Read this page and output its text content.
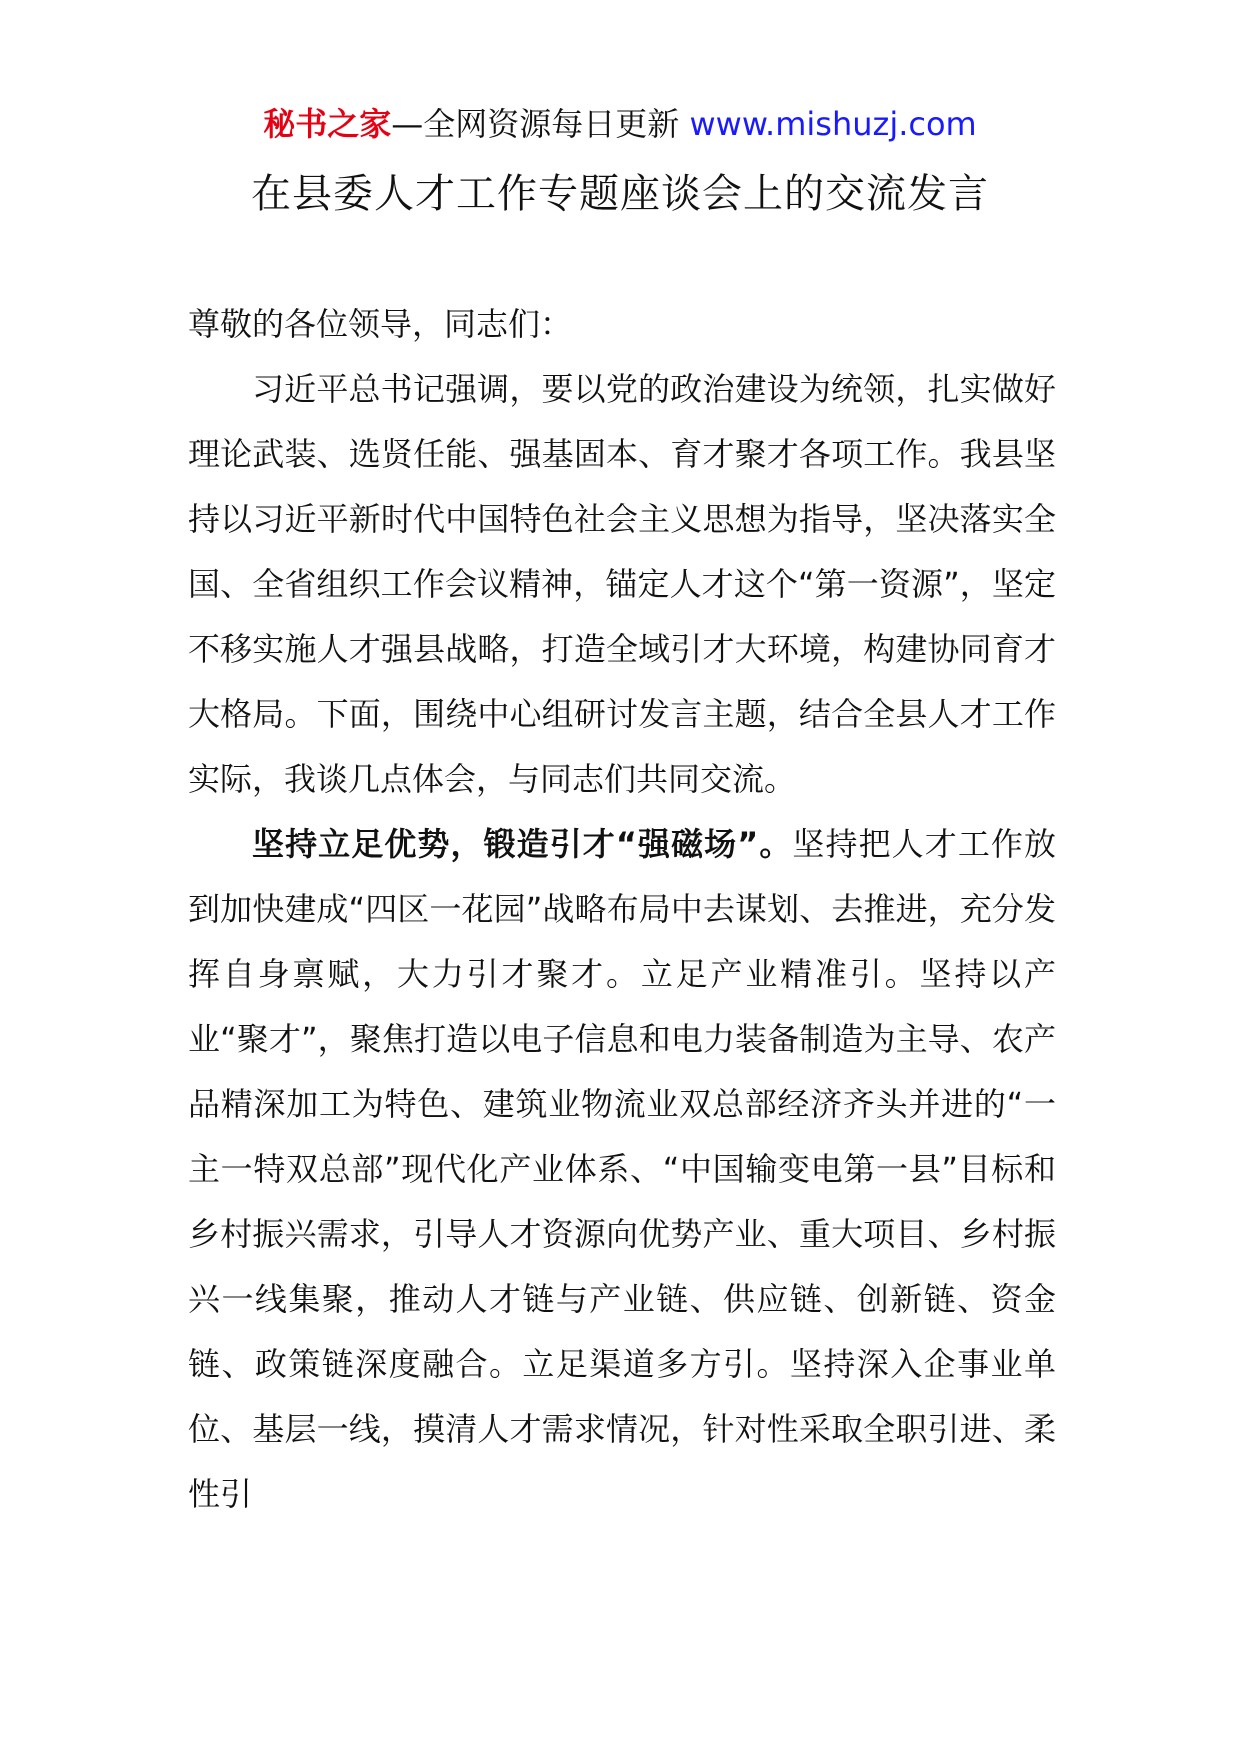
秘书之家—全网资源每日更新 www.mishuzj.com
在县委人才工作专题座谈会上的交流发言

尊敬的各位领导，同志们：

习近平总书记强调，要以党的政治建设为统领，扎实做好理论武装、选贤任能、强基固本、育才聚才各项工作。我县坚持以习近平新时代中国特色社会主义思想为指导，坚决落实全国、全省组织工作会议精神，锚定人才这个“第一资源”，坚定不移实施人才强县战略，打造全域引才大环境，构建协同育才大格局。下面，围绕中心组研讨发言主题，结合全县人才工作实际，我谈几点体会，与同志们共同交流。

坚持立足优势，锻造引才“强磁场”。坚持把人才工作放到加快建成“四区一花园”战略布局中去谋划、去推进，充分发挥自身禀赋，大力引才聚才。立足产业精准引。坚持以产业“聚才”，聚焦打造以电子信息和电力装备制造为主导、农产品精深加工为特色、建筑业物流业双总部经济齐头并进的“一主一特双总部”现代化产业体系、“中国输变电第一县”目标和乡村振兴需求，引导人才资源向优势产业、重大项目、乡村振兴一线集聚，推动人才链与产业链、供应链、创新链、资金链、政策链深度融合。立足渠道多方引。坚持深入企事业单位、基层一线，摸清人才需求情况，针对性采取全职引进、柔性引
